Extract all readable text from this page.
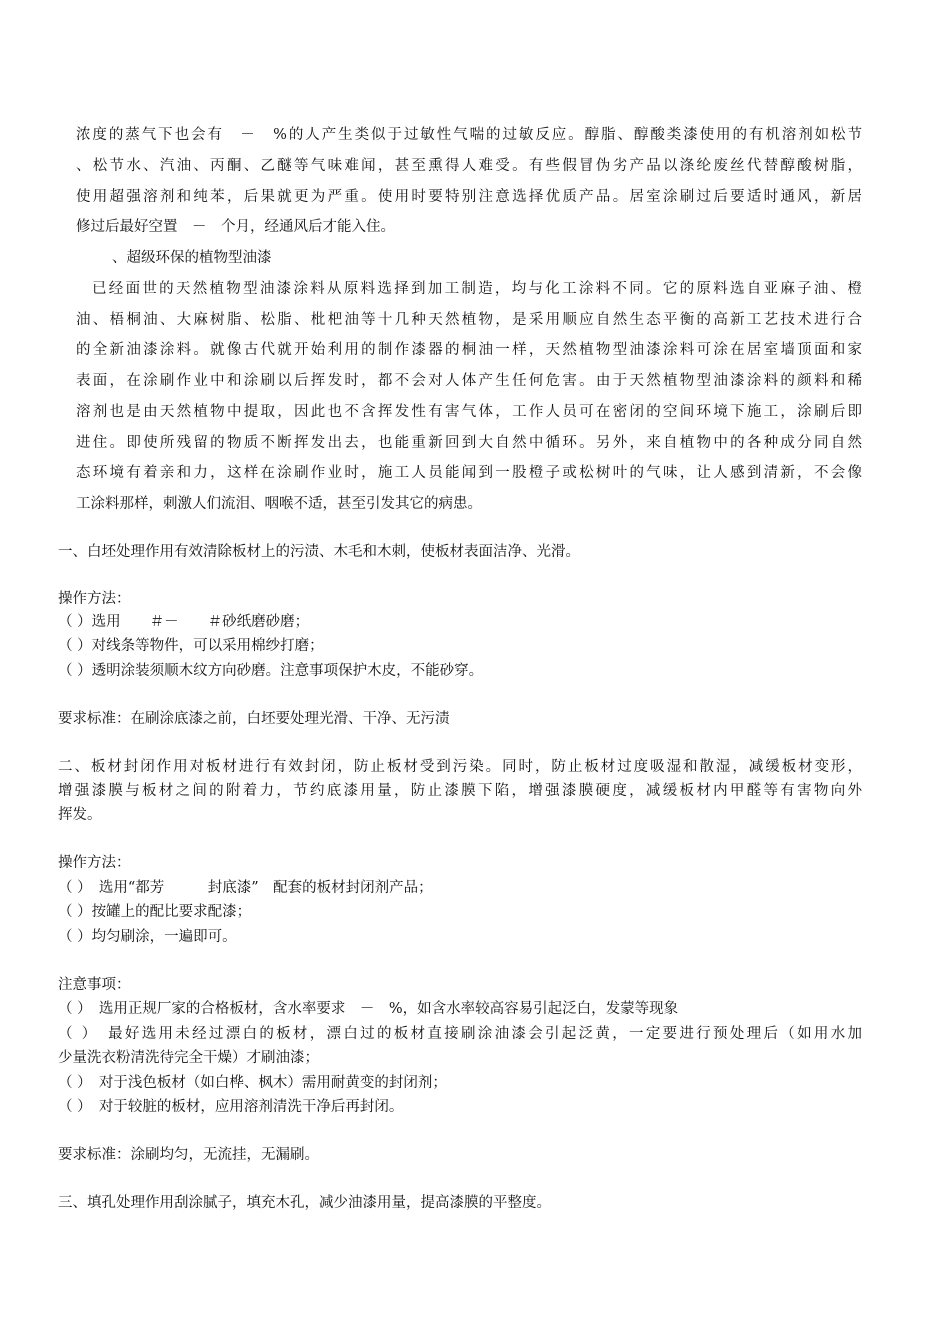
浓度的蒸气下也会有　－　%的人产生类似于过敏性气喘的过敏反应。醇脂、醇酸类漆使用的有机溶剂如松节
、松节水、汽油、丙酮、乙醚等气味难闻，甚至熏得人难受。有些假冒伪劣产品以涤纶废丝代替醇酸树脂，
使用超强溶剂和纯苯，后果就更为严重。使用时要特别注意选择优质产品。居室涂刷过后要适时通风，新居
修过后最好空置　－　个月，经通风后才能入住。
、超级环保的植物型油漆
已经面世的天然植物型油漆涂料从原料选择到加工制造，均与化工涂料不同。它的原料选自亚麻子油、橙
油、梧桐油、大麻树脂、松脂、枇杷油等十几种天然植物，是采用顺应自然生态平衡的高新工艺技术进行合
的全新油漆涂料。就像古代就开始利用的制作漆器的桐油一样，天然植物型油漆涂料可涂在居室墙顶面和家
表面，在涂刷作业中和涂刷以后挥发时，都不会对人体产生任何危害。由于天然植物型油漆涂料的颜料和稀
溶剂也是由天然植物中提取，因此也不含挥发性有害气体，工作人员可在密闭的空间环境下施工，涂刷后即
进住。即使所残留的物质不断挥发出去，也能重新回到大自然中循环。另外，来自植物中的各种成分同自然
态环境有着亲和力，这样在涂刷作业时，施工人员能闻到一股橙子或松树叶的气味，让人感到清新，不会像
工涂料那样，刺激人们流泪、咽喉不适，甚至引发其它的病患。
一、白坯处理作用有效清除板材上的污渍、木毛和木刺，使板材表面洁净、光滑。
操作方法：
（ ）选用　　＃－　　＃砂纸磨砂磨；
（ ）对线条等物件，可以采用棉纱打磨；
（ ）透明涂装须顺木纹方向砂磨。注意事项保护木皮，不能砂穿。
要求标准：在刷涂底漆之前，白坯要处理光滑、干净、无污渍
二、板材封闭作用对板材进行有效封闭，防止板材受到污染。同时，防止板材过度吸湿和散湿，减缓板材变形，
增强漆膜与板材之间的附着力，节约底漆用量，防止漆膜下陷，增强漆膜硬度，减缓板材内甲醛等有害物向外
挥发。
操作方法：
（ ）　选用“都芳　　　封底漆”　配套的板材封闭剂产品；
（ ）按罐上的配比要求配漆；
（ ）均匀刷涂，一遍即可。
注意事项：
（ ）　选用正规厂家的合格板材，含水率要求　－　%，如含水率较高容易引起泛白，发蒙等现象
（ ）　最好选用未经过漂白的板材，漂白过的板材直接刷涂油漆会引起泛黄，一定要进行预处理后（如用水加
少量洗衣粉清洗待完全干燥）才刷油漆；
（ ）　对于浅色板材（如白桦、枫木）需用耐黄变的封闭剂；
（ ）　对于较脏的板材，应用溶剂清洗干净后再封闭。
要求标准：涂刷均匀，无流挂，无漏刷。
三、填孔处理作用刮涂腻子，填充木孔，减少油漆用量，提高漆膜的平整度。
